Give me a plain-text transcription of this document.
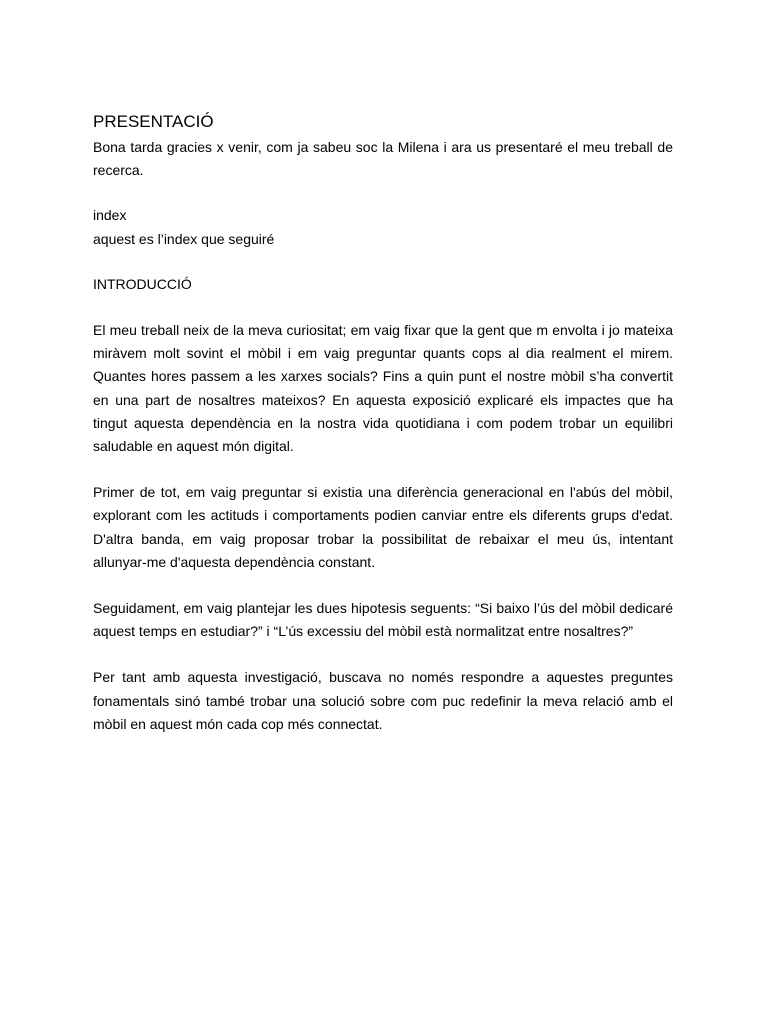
PRESENTACIÓ

Bona tarda gracies x venir, com ja sabeu soc la Milena i ara us presentaré el meu treball de recerca.

index
aquest es l’index que seguiré
INTRODUCCIÓ

El meu treball neix de la meva curiositat; em vaig fixar que la gent que m envolta i jo mateixa miràvem molt sovint el mòbil i em vaig preguntar quants cops al dia realment el mirem. Quantes hores passem a les xarxes socials? Fins a quin punt el nostre mòbil s’ha convertit en una part de nosaltres mateixos? En aquesta exposició explicaré els impactes que ha tingut aquesta dependència en la nostra vida quotidiana i com podem trobar un equilibri saludable en aquest món digital.

Primer de tot, em vaig preguntar si existia una diferència generacional en l'abús del mòbil, explorant com les actituds i comportaments podien canviar entre els diferents grups d'edat. D'altra banda, em vaig proposar trobar la possibilitat de rebaixar el meu ús, intentant allunyar-me d'aquesta dependència constant.

Seguidament, em vaig plantejar les dues hipotesis seguents: “Si baixo l’ús del mòbil dedicaré aquest temps en estudiar?” i “L’ús excessiu del mòbil està normalitzat entre nosaltres?”

Per tant amb aquesta investigació, buscava no només respondre a aquestes preguntes fonamentals sinó també trobar una solució sobre com puc redefinir la meva relació amb el mòbil en aquest món cada cop més connectat.
